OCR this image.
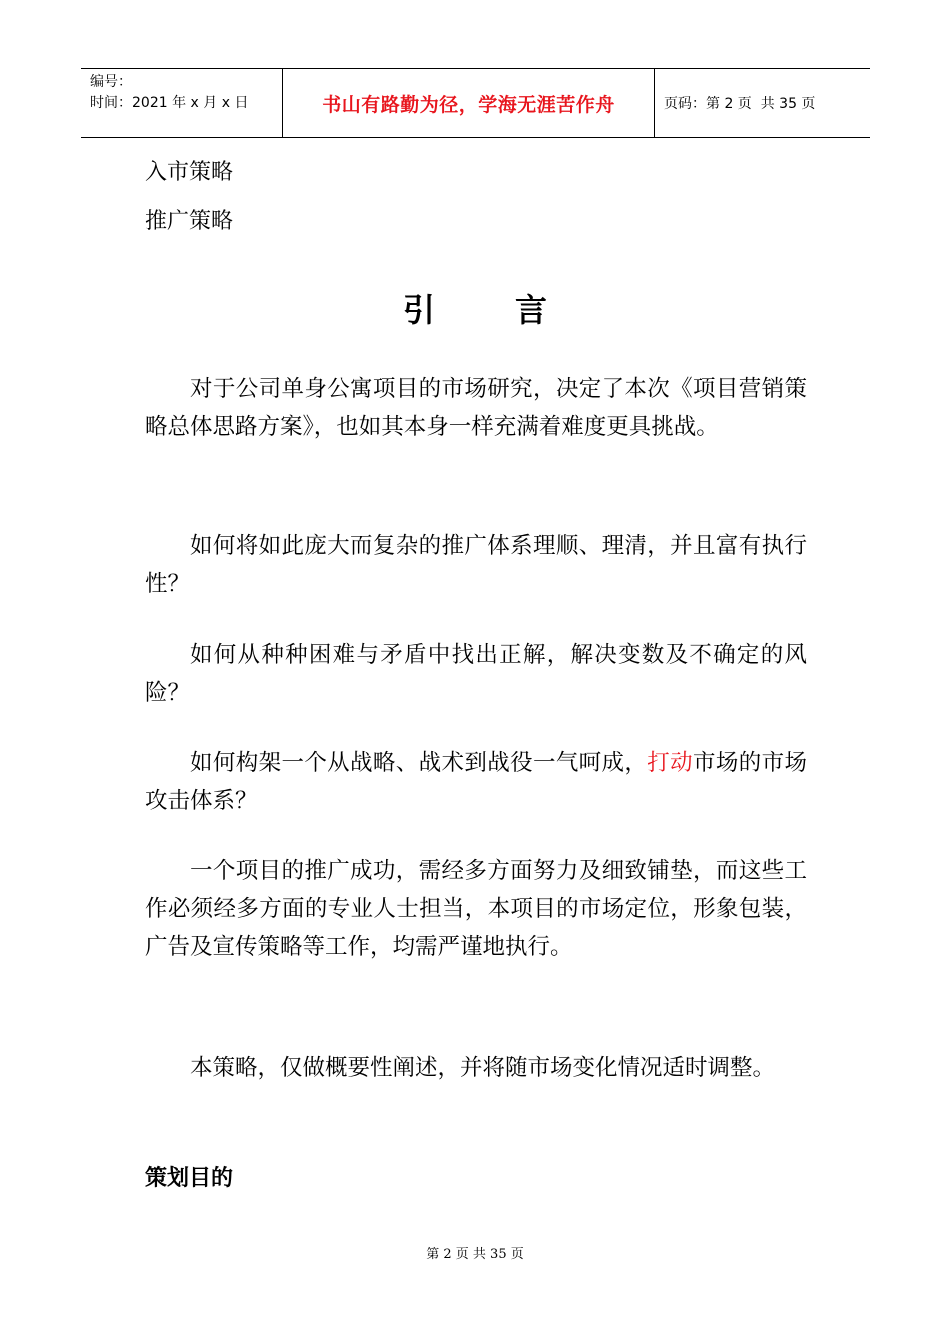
编号：
时间：2021 年 x 月 x 日	书山有路勤为径，学海无涯苦作舟	页码：第 2 页  共 35 页

入市策略

推广策略

引言

对于公司单身公寓项目的市场研究，决定了本次《项目营销策略总体思路方案》，也如其本身一样充满着难度更具挑战。

如何将如此庞大而复杂的推广体系理顺、理清，并且富有执行性？

如何从种种困难与矛盾中找出正解，解决变数及不确定的风险？

如何构架一个从战略、战术到战役一气呵成，打动市场的市场攻击体系？

一个项目的推广成功，需经多方面努力及细致铺垫，而这些工作必须经多方面的专业人士担当，本项目的市场定位，形象包装，广告及宣传策略等工作，均需严谨地执行。

本策略，仅做概要性阐述，并将随市场变化情况适时调整。

策划目的
第 2 页 共 35 页
